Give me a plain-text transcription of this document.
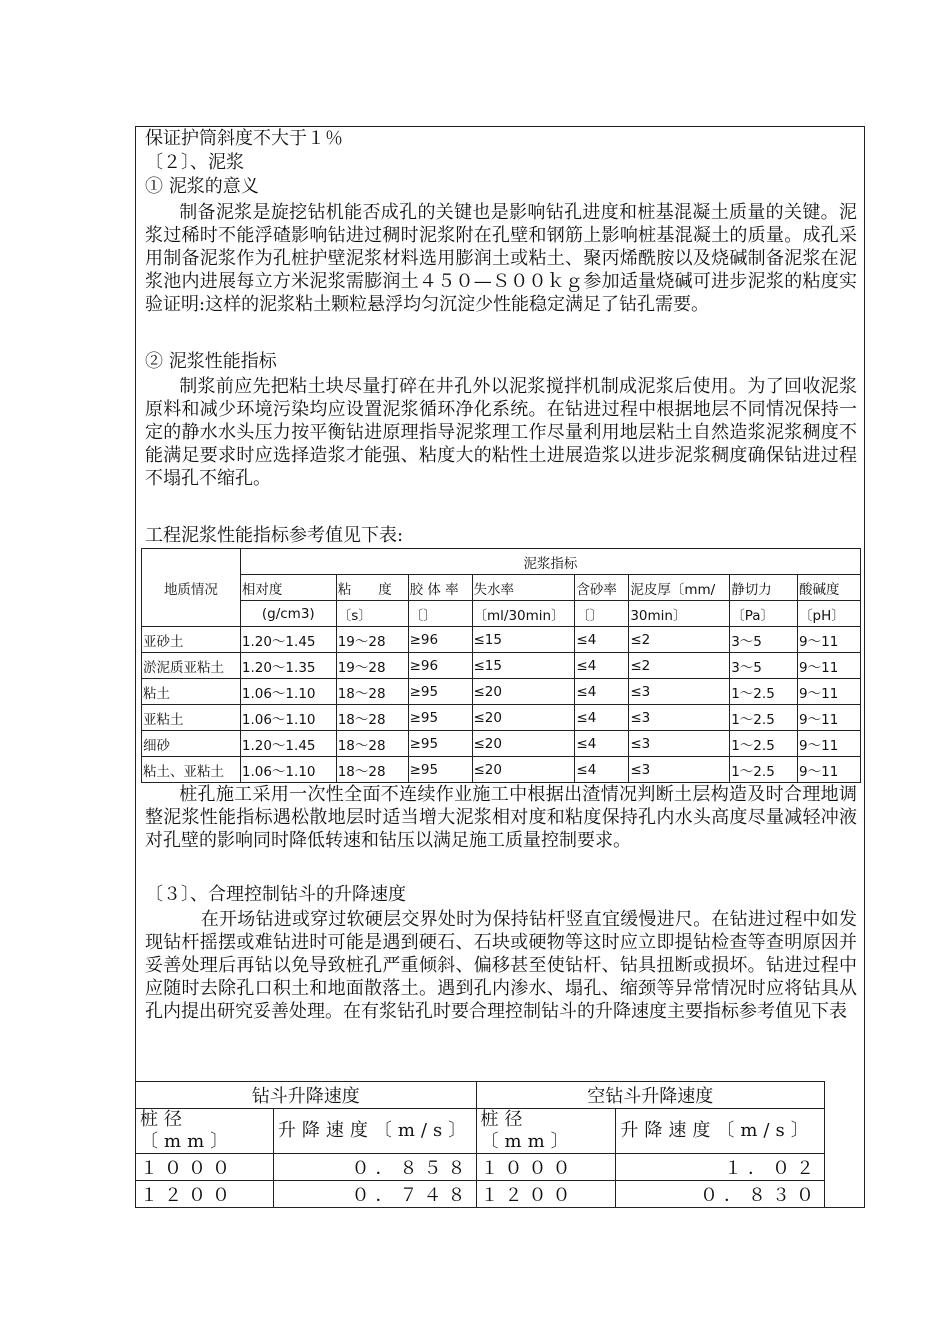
保证护筒斜度不大于１％
〔２〕、泥浆
① 泥浆的意义
制备泥浆是旋挖钻机能否成孔的关键也是影响钻孔进度和桩基混凝土质量的关键。泥浆过稀时不能浮碴影响钻进过稠时泥浆附在孔壁和钢筋上影响桩基混凝土的质量。成孔采用制备泥浆作为孔桩护壁泥浆材料选用膨润土或粘土、聚丙烯酰胺以及烧碱制备泥浆在泥浆池内进展每立方米泥浆需膨润土４５０—Ｓ００ｋｇ参加适量烧碱可进步泥浆的粘度实验证明:这样的泥浆粘土颗粒悬浮均匀沉淀少性能稳定满足了钻孔需要。
② 泥浆性能指标
制浆前应先把粘土块尽量打碎在井孔外以泥浆搅拌机制成泥浆后使用。为了回收泥浆原料和减少环境污染均应设置泥浆循环净化系统。在钻进过程中根据地层不同情况保持一定的静水水头压力按平衡钻进原理指导泥浆理工作尽量利用地层粘土自然造浆泥浆稠度不能满足要求时应选择造浆才能强、粘度大的粘性土进展造浆以进步泥浆稠度确保钻进过程不塌孔不缩孔。
工程泥浆性能指标参考值见下表:
地质情况	泥浆指标							
	相对度	粘　　度	胶 体 率	失水率	含砂率	泥皮厚〔mm/	静切力	酸碱度
	(g/cm3)	〔s〕	〔〕	〔ml/30min〕	〔〕	30min〕	〔Pa〕	〔pH〕
亚砂土	1.20～1.45	19～28	≥96	≤15	≤4	≤2	3～5	9～11
淤泥质亚粘土	1.20～1.35	19～28	≥96	≤15	≤4	≤2	3～5	9～11
粘土	1.06～1.10	18～28	≥95	≤20	≤4	≤3	1～2.5	9～11
亚粘土	1.06～1.10	18～28	≥95	≤20	≤4	≤3	1～2.5	9～11
细砂	1.20～1.45	18～28	≥95	≤20	≤4	≤3	1～2.5	9～11
粘土、亚粘土	1.06～1.10	18～28	≥95	≤20	≤4	≤3	1～2.5	9～11
桩孔施工采用一次性全面不连续作业施工中根据出渣情况判断土层构造及时合理地调整泥浆性能指标遇松散地层时适当增大泥浆相对度和粘度保持孔内水头高度尽量减轻冲液对孔壁的影响同时降低转速和钻压以满足施工质量控制要求。
〔３〕、合理控制钻斗的升降速度
在开场钻进或穿过软硬层交界处时为保持钻杆竖直宜缓慢进尺。在钻进过程中如发现钻杆摇摆或难钻进时可能是遇到硬石、石块或硬物等这时应立即提钻检查等查明原因并妥善处理后再钻以免导致桩孔严重倾斜、偏移甚至使钻杆、钻具扭断或损坏。钻进过程中应随时去除孔口积土和地面散落土。遇到孔内渗水、塌孔、缩颈等异常情况时应将钻具从孔内提出研究妥善处理。在有浆钻孔时要合理控制钻斗的升降速度主要指标参考值见下表
钻斗升降速度		空钻斗升降速度	
桩径〔mm〕	升降速度〔m/s〕	桩径〔mm〕	升降速度〔m/s〕
１０００	０．８５８	１０００	１．０２
１２００	０．７４８	１２００	０．８３０
